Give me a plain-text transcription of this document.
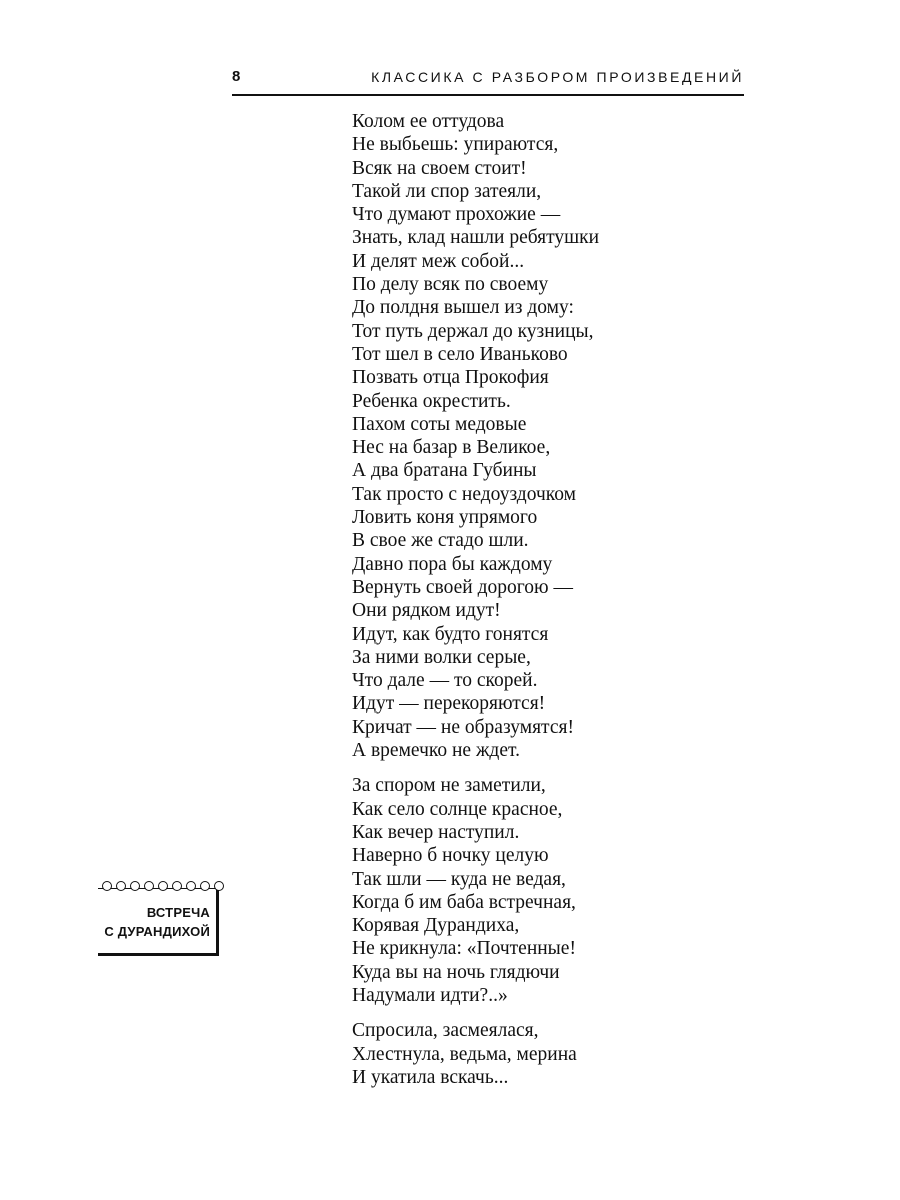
8	КЛАССИКА С РАЗБОРОМ ПРОИЗВЕДЕНИЙ
ВСТРЕЧА
С ДУРАНДИХОЙ
Колом ее оттудова
Не выбьешь: упираются,
Всяк на своем стоит!
Такой ли спор затеяли,
Что думают прохожие —
Знать, клад нашли ребятушки
И делят меж собой...
По делу всяк по своему
До полдня вышел из дому:
Тот путь держал до кузницы,
Тот шел в село Иваньково
Позвать отца Прокофия
Ребенка окрестить.
Пахом соты медовые
Нес на базар в Великое,
А два братана Губины
Так просто с недоуздочком
Ловить коня упрямого
В свое же стадо шли.
Давно пора бы каждому
Вернуть своей дорогою —
Они рядком идут!
Идут, как будто гонятся
За ними волки серые,
Что дале — то скорей.
Идут — перекоряются!
Кричат — не образумятся!
А времечко не ждет.
За спором не заметили,
Как село солнце красное,
Как вечер наступил.
Наверно б ночку целую
Так шли — куда не ведая,
Когда б им баба встречная,
Корявая Дурандиха,
Не крикнула: «Почтенные!
Куда вы на ночь глядючи
Надумали идти?..»
Спросила, засмеялася,
Хлестнула, ведьма, мерина
И укатила вскачь...
